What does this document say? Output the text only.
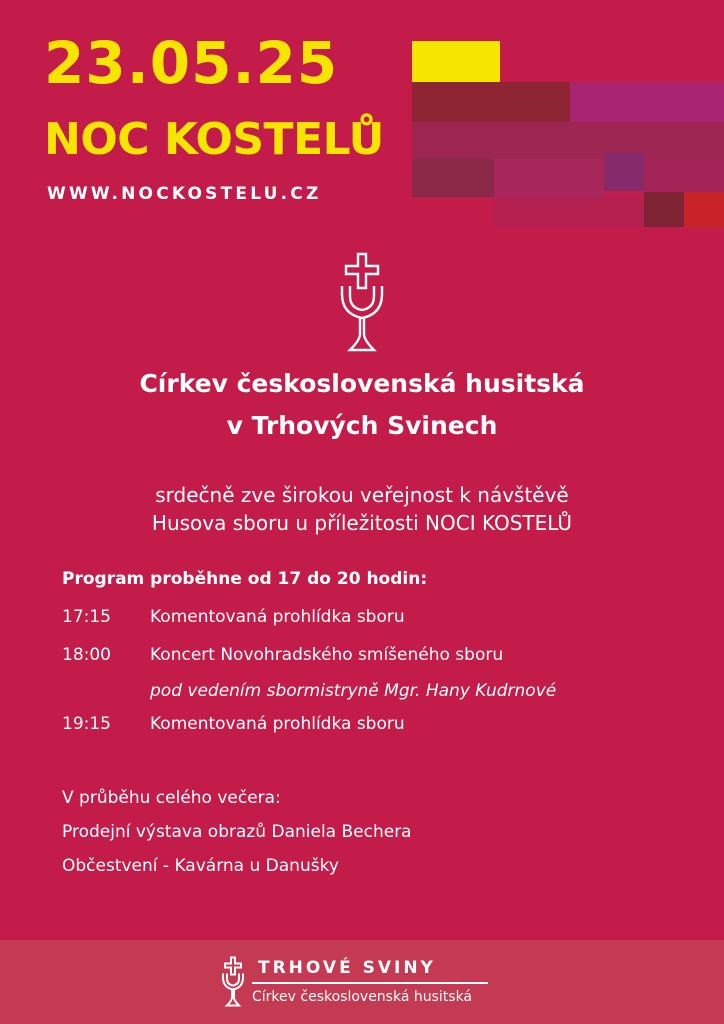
23.05.25
NOC KOSTELŮ
WWW.NOCKOSTELU.CZ
Církev československá husitská
v Trhových Svinech
srdečně zve širokou veřejnost k návštěvě
Husova sboru u příležitosti NOCI KOSTELŮ
Program proběhne od 17 do 20 hodin:
17:15	Komentovaná prohlídka sboru
18:00	Koncert Novohradského smíšeného sboru
pod vedením sbormistryně Mgr. Hany Kudrnové
19:15	Komentovaná prohlídka sboru
V průběhu celého večera:
Prodejní výstava obrazů Daniela Bechera
Občestvení - Kavárna u Danušky
TRHOVÉ SVINY
Církev československá husitská
